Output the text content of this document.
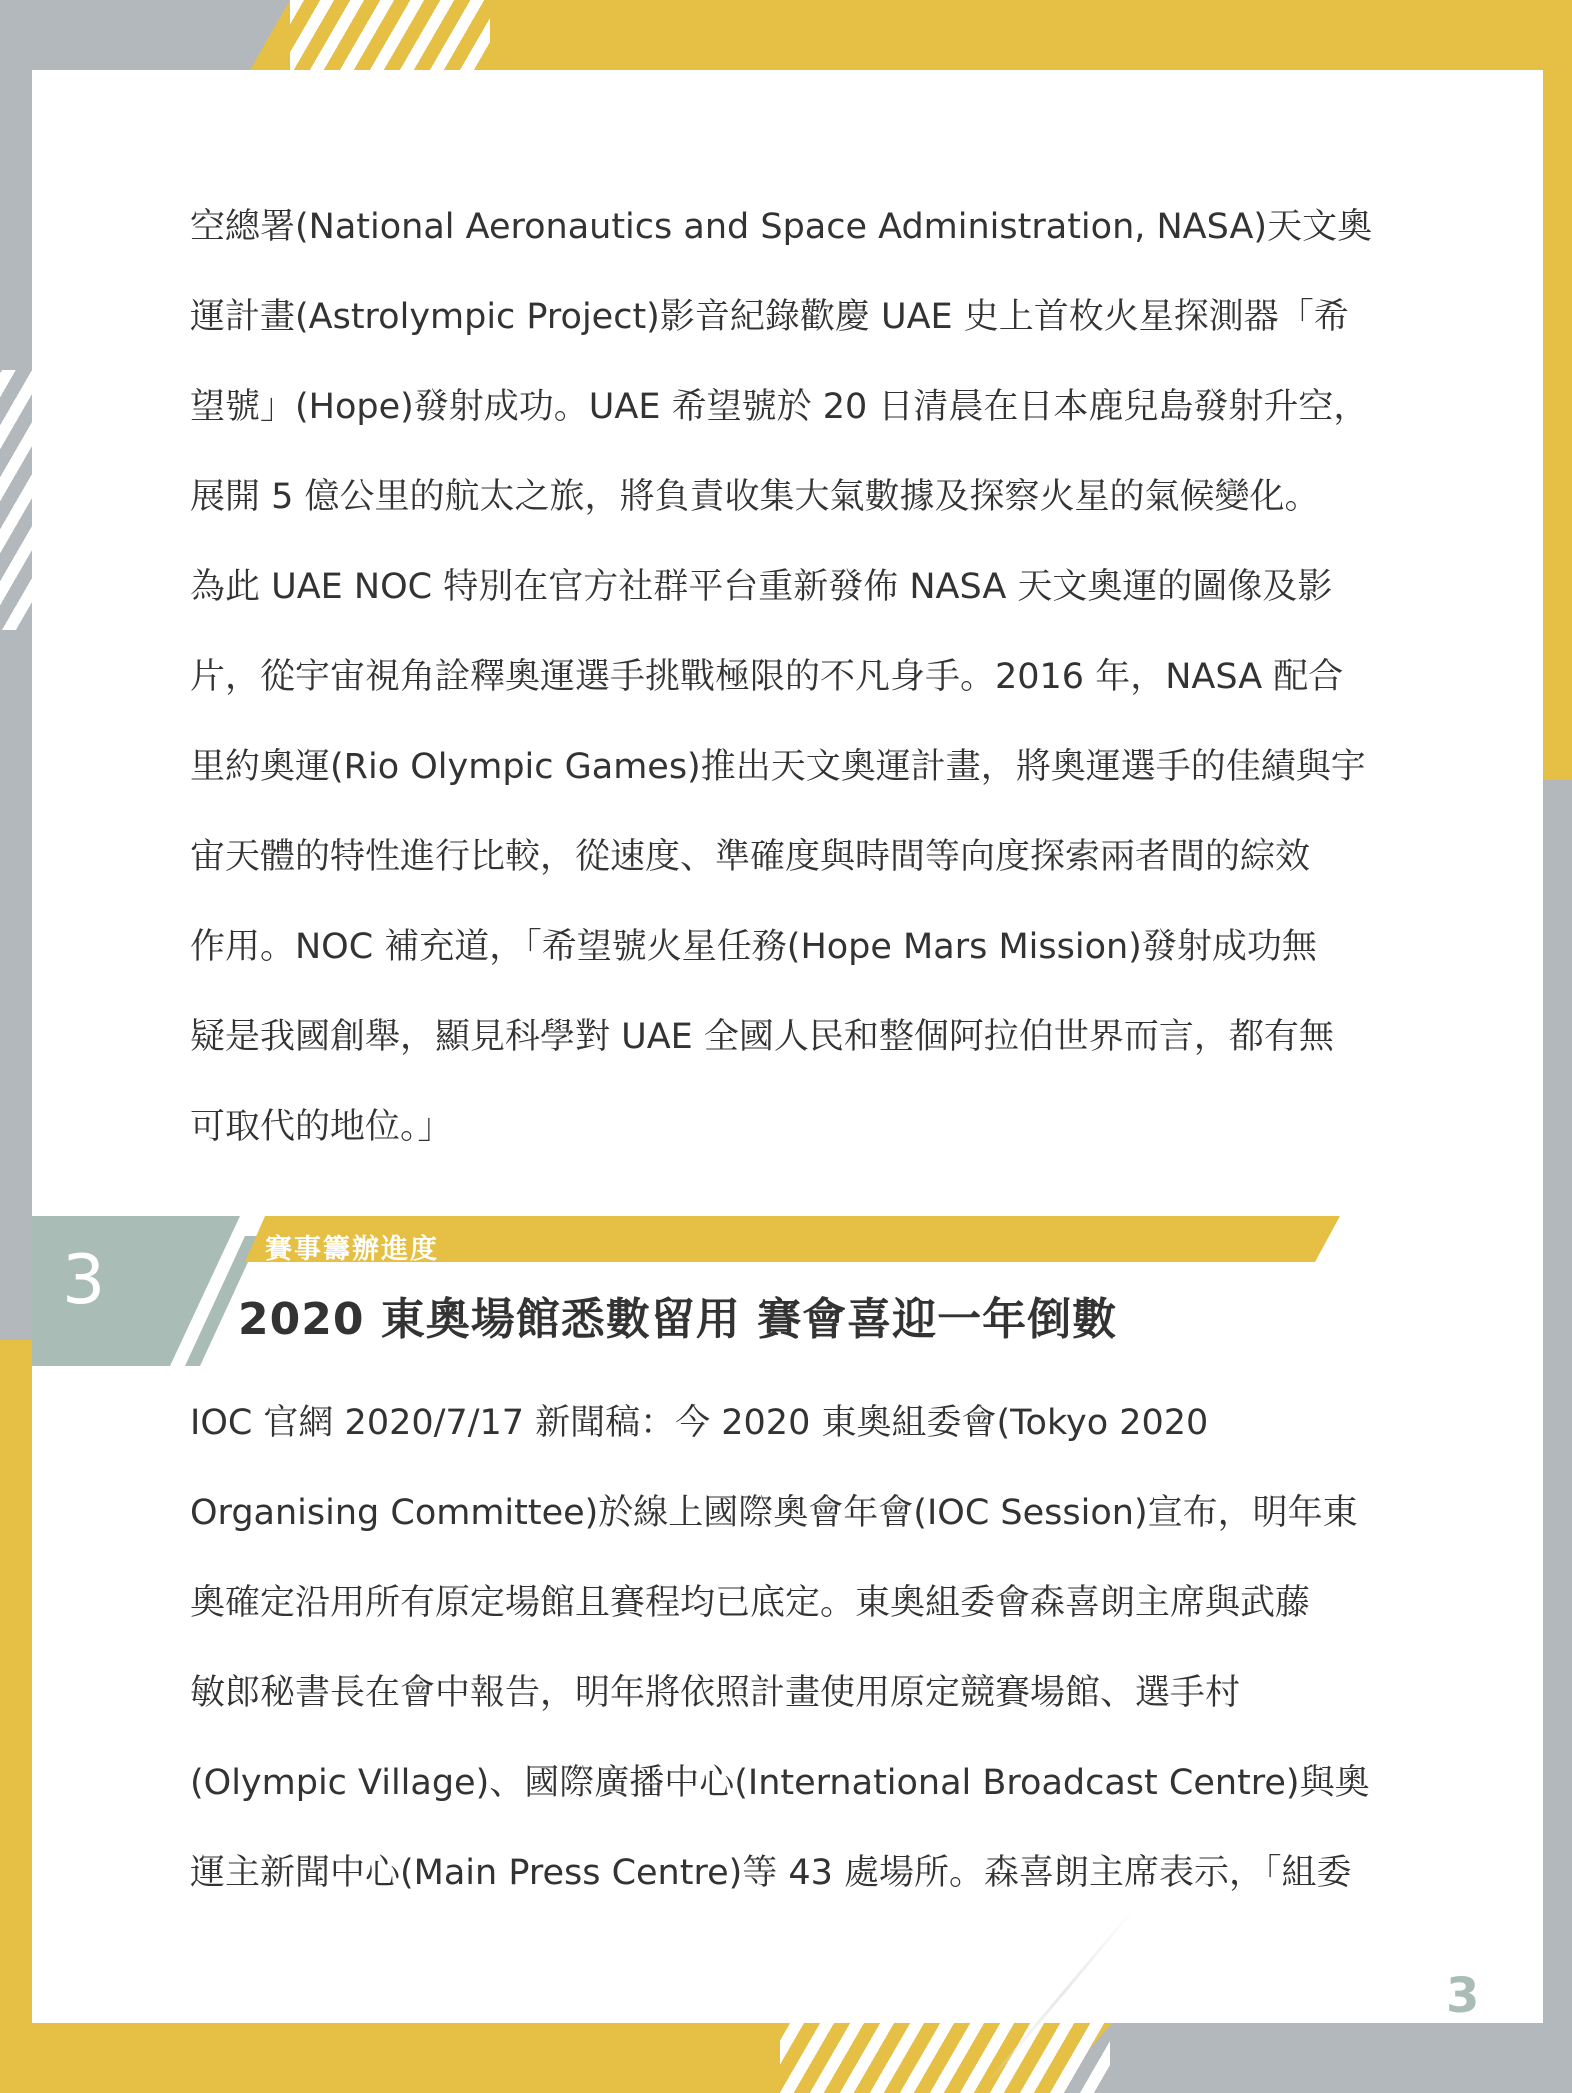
空總署(National Aeronautics and Space Administration, NASA)天文奧
運計畫(Astrolympic Project)影音紀錄歡慶 UAE 史上首枚火星探測器「希
望號」(Hope)發射成功。UAE 希望號於 20 日清晨在日本鹿兒島發射升空，
展開 5 億公里的航太之旅，將負責收集大氣數據及探察火星的氣候變化。
為此 UAE NOC 特別在官方社群平台重新發佈 NASA 天文奧運的圖像及影
片，從宇宙視角詮釋奧運選手挑戰極限的不凡身手。2016 年，NASA 配合
里約奧運(Rio Olympic Games)推出天文奧運計畫，將奧運選手的佳績與宇
宙天體的特性進行比較，從速度、準確度與時間等向度探索兩者間的綜效
作用。NOC 補充道，「希望號火星任務(Hope Mars Mission)發射成功無
疑是我國創舉，顯見科學對 UAE 全國人民和整個阿拉伯世界而言，都有無
可取代的地位。」

3	賽事籌辦進度
2020 東奧場館悉數留用 賽會喜迎一年倒數

IOC 官網 2020/7/17 新聞稿：今 2020 東奧組委會(Tokyo 2020
Organising Committee)於線上國際奧會年會(IOC Session)宣布，明年東
奧確定沿用所有原定場館且賽程均已底定。東奧組委會森喜朗主席與武藤
敏郎秘書長在會中報告，明年將依照計畫使用原定競賽場館、選手村
(Olympic Village)、國際廣播中心(International Broadcast Centre)與奧
運主新聞中心(Main Press Centre)等 43 處場所。森喜朗主席表示，「組委

3
